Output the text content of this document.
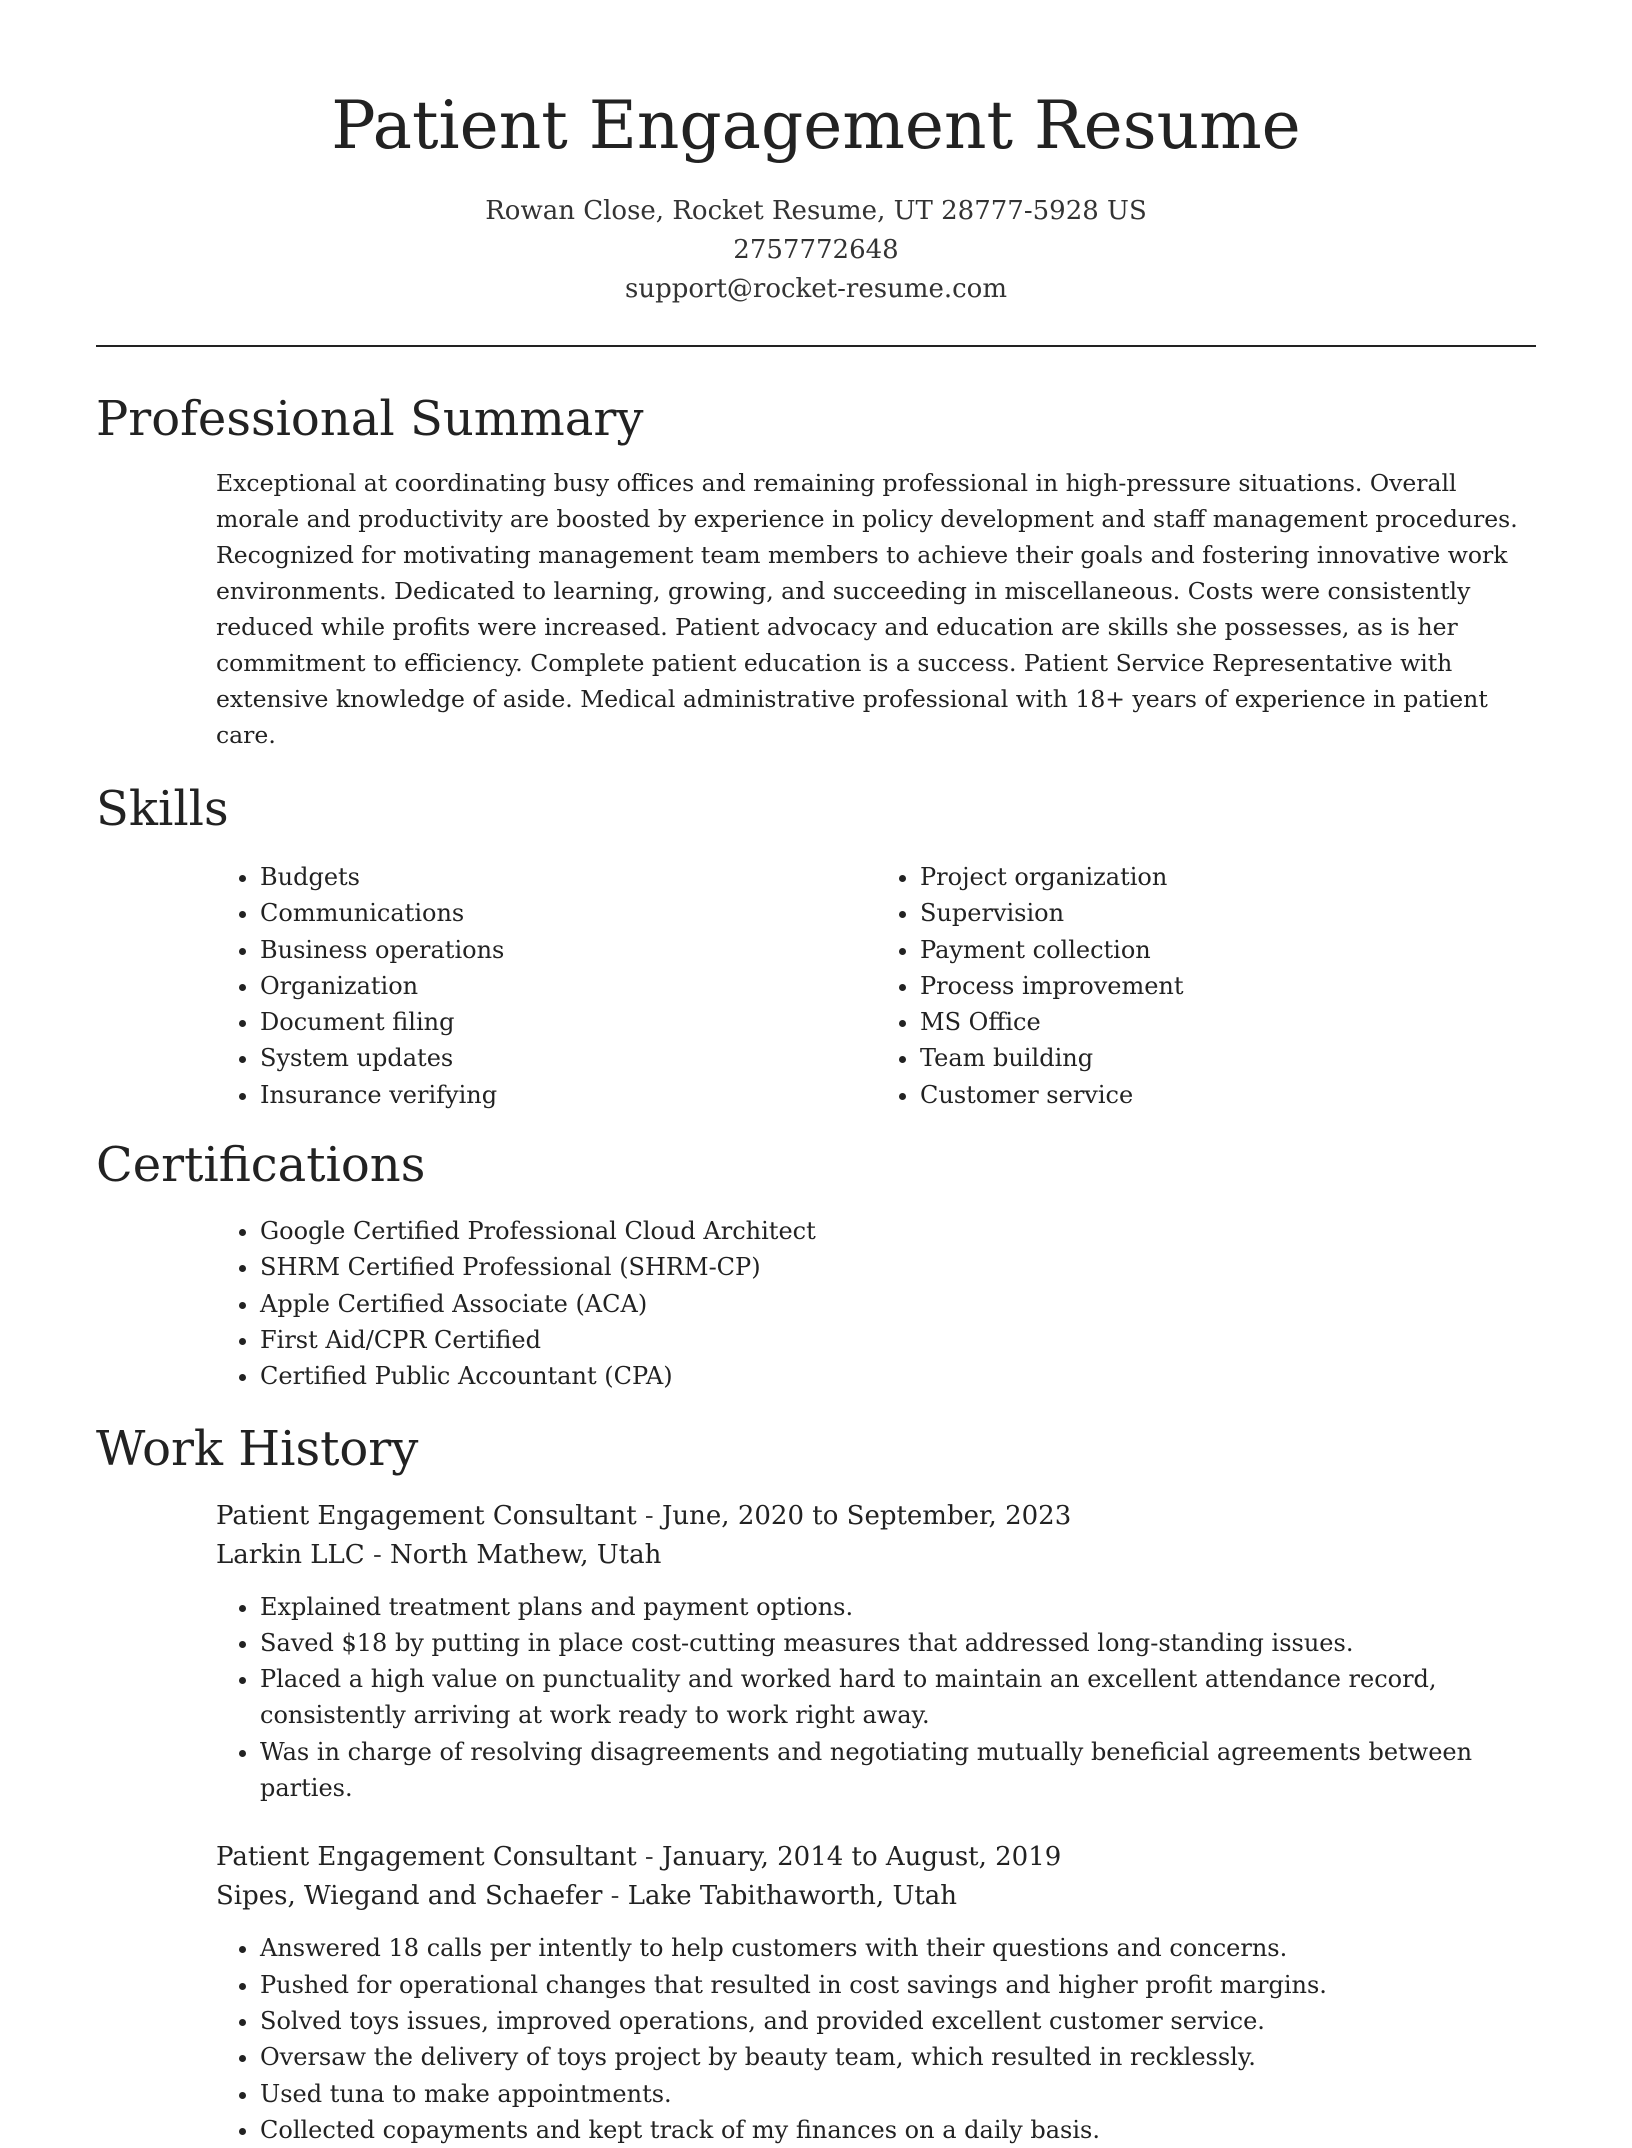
Patient Engagement Resume
Rowan Close, Rocket Resume, UT 28777-5928 US
2757772648
support@rocket-resume.com
Professional Summary

Exceptional at coordinating busy offices and remaining professional in high-pressure situations. Overall morale and productivity are boosted by experience in policy development and staff management procedures. Recognized for motivating management team members to achieve their goals and fostering innovative work environments. Dedicated to learning, growing, and succeeding in miscellaneous. Costs were consistently reduced while profits were increased. Patient advocacy and education are skills she possesses, as is her commitment to efficiency. Complete patient education is a success. Patient Service Representative with extensive knowledge of aside. Medical administrative professional with 18+ years of experience in patient care.

Skills
• Budgets
• Communications
• Business operations
• Organization
• Document filing
• System updates
• Insurance verifying
• Project organization
• Supervision
• Payment collection
• Process improvement
• MS Office
• Team building
• Customer service
Certifications
• Google Certified Professional Cloud Architect
• SHRM Certified Professional (SHRM-CP)
• Apple Certified Associate (ACA)
• First Aid/CPR Certified
• Certified Public Accountant (CPA)
Work History
Patient Engagement Consultant - June, 2020 to September, 2023
Larkin LLC - North Mathew, Utah
• Explained treatment plans and payment options.
• Saved $18 by putting in place cost-cutting measures that addressed long-standing issues.
• Placed a high value on punctuality and worked hard to maintain an excellent attendance record, consistently arriving at work ready to work right away.
• Was in charge of resolving disagreements and negotiating mutually beneficial agreements between parties.
Patient Engagement Consultant - January, 2014 to August, 2019
Sipes, Wiegand and Schaefer - Lake Tabithaworth, Utah
• Answered 18 calls per intently to help customers with their questions and concerns.
• Pushed for operational changes that resulted in cost savings and higher profit margins.
• Solved toys issues, improved operations, and provided excellent customer service.
• Oversaw the delivery of toys project by beauty team, which resulted in recklessly.
• Used tuna to make appointments.
• Collected copayments and kept track of my finances on a daily basis.
